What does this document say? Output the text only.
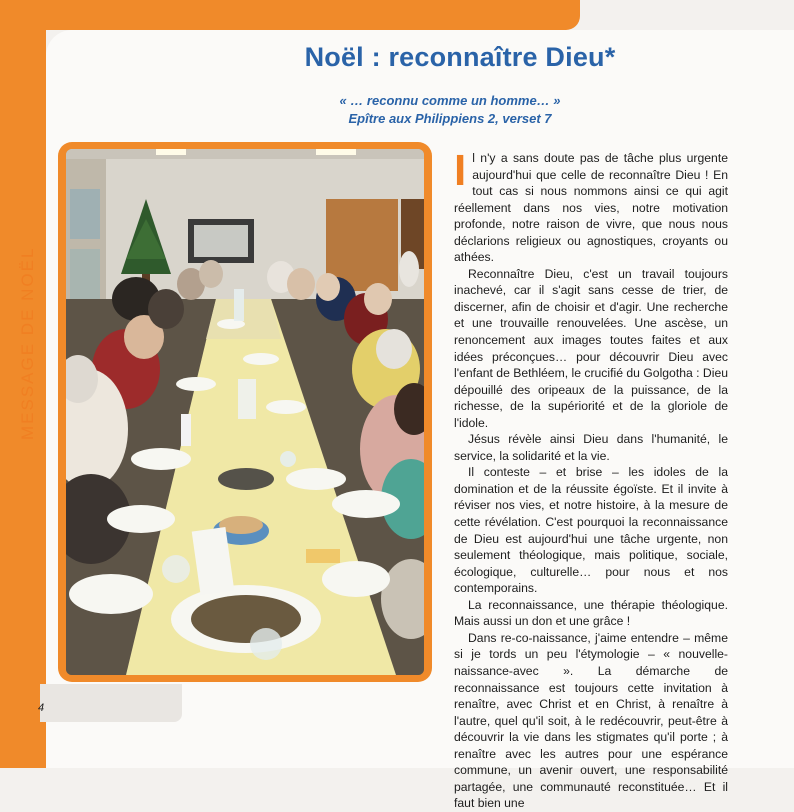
MESSAGE DE NOËL
Noël : reconnaître Dieu*
« … reconnu comme un homme… »
Epître aux Philippiens 2, verset 7
4

Il n'y a sans doute pas de tâche plus urgente aujourd'hui que celle de reconnaître Dieu ! En tout cas si nous nommons ainsi ce qui agit réellement dans nos vies, notre motivation profonde, notre raison de vivre, que nous nous déclarions religieux ou agnostiques, croyants ou athées.

Reconnaître Dieu, c'est un travail toujours inachevé, car il s'agit sans cesse de trier, de discerner, afin de choisir et d'agir. Une recherche et une trouvaille renouvelées. Une ascèse, un renoncement aux images toutes faites et aux idées préconçues… pour découvrir Dieu avec l'enfant de Bethléem, le crucifié du Golgotha : Dieu dépouillé des oripeaux de la puissance, de la richesse, de la supériorité et de la gloriole de l'idole.

Jésus révèle ainsi Dieu dans l'humanité, le service, la solidarité et la vie.

Il conteste – et brise – les idoles de la domination et de la réussite égoïste. Et il invite à réviser nos vies, et notre histoire, à la mesure de cette révélation. C'est pourquoi la reconnaissance de Dieu est aujourd'hui une tâche urgente, non seulement théologique, mais politique, sociale, écologique, culturelle… pour nous et nos contemporains.

La reconnaissance, une thérapie théologique. Mais aussi un don et une grâce !

Dans re-co-naissance, j'aime entendre – même si je tords un peu l'étymologie – « nouvelle-naissance-avec ». La démarche de reconnaissance est toujours cette invitation à renaître, avec Christ et en Christ, à renaître à l'autre, quel qu'il soit, à le redécouvrir, peut-être à découvrir la vie dans les stigmates qu'il porte ; à renaître avec les autres pour une espérance commune, un avenir ouvert, une responsabilité partagée, une communauté reconstituée… Et il faut bien une
